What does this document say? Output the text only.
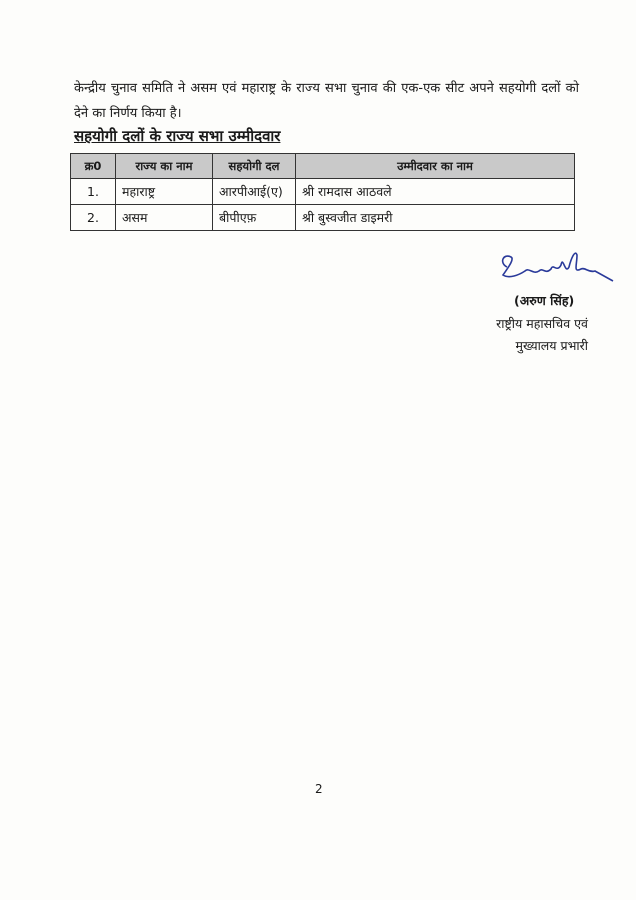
केन्द्रीय चुनाव समिति ने असम एवं महाराष्ट्र के राज्य सभा चुनाव की एक-एक सीट अपने सहयोगी दलों को देने का निर्णय किया है।
सहयोगी दलों के राज्य सभा उम्मीदवार
क्र0	राज्य का नाम	सहयोगी दल	उम्मीदवार का नाम
1.	महाराष्ट्र	आरपीआई(ए)	श्री रामदास आठवले
2.	असम	बीपीएफ़	श्री बुस्वजीत डाइमरी
(अरुण सिंह)
राष्ट्रीय महासचिव एवं
मुख्यालय प्रभारी
2
